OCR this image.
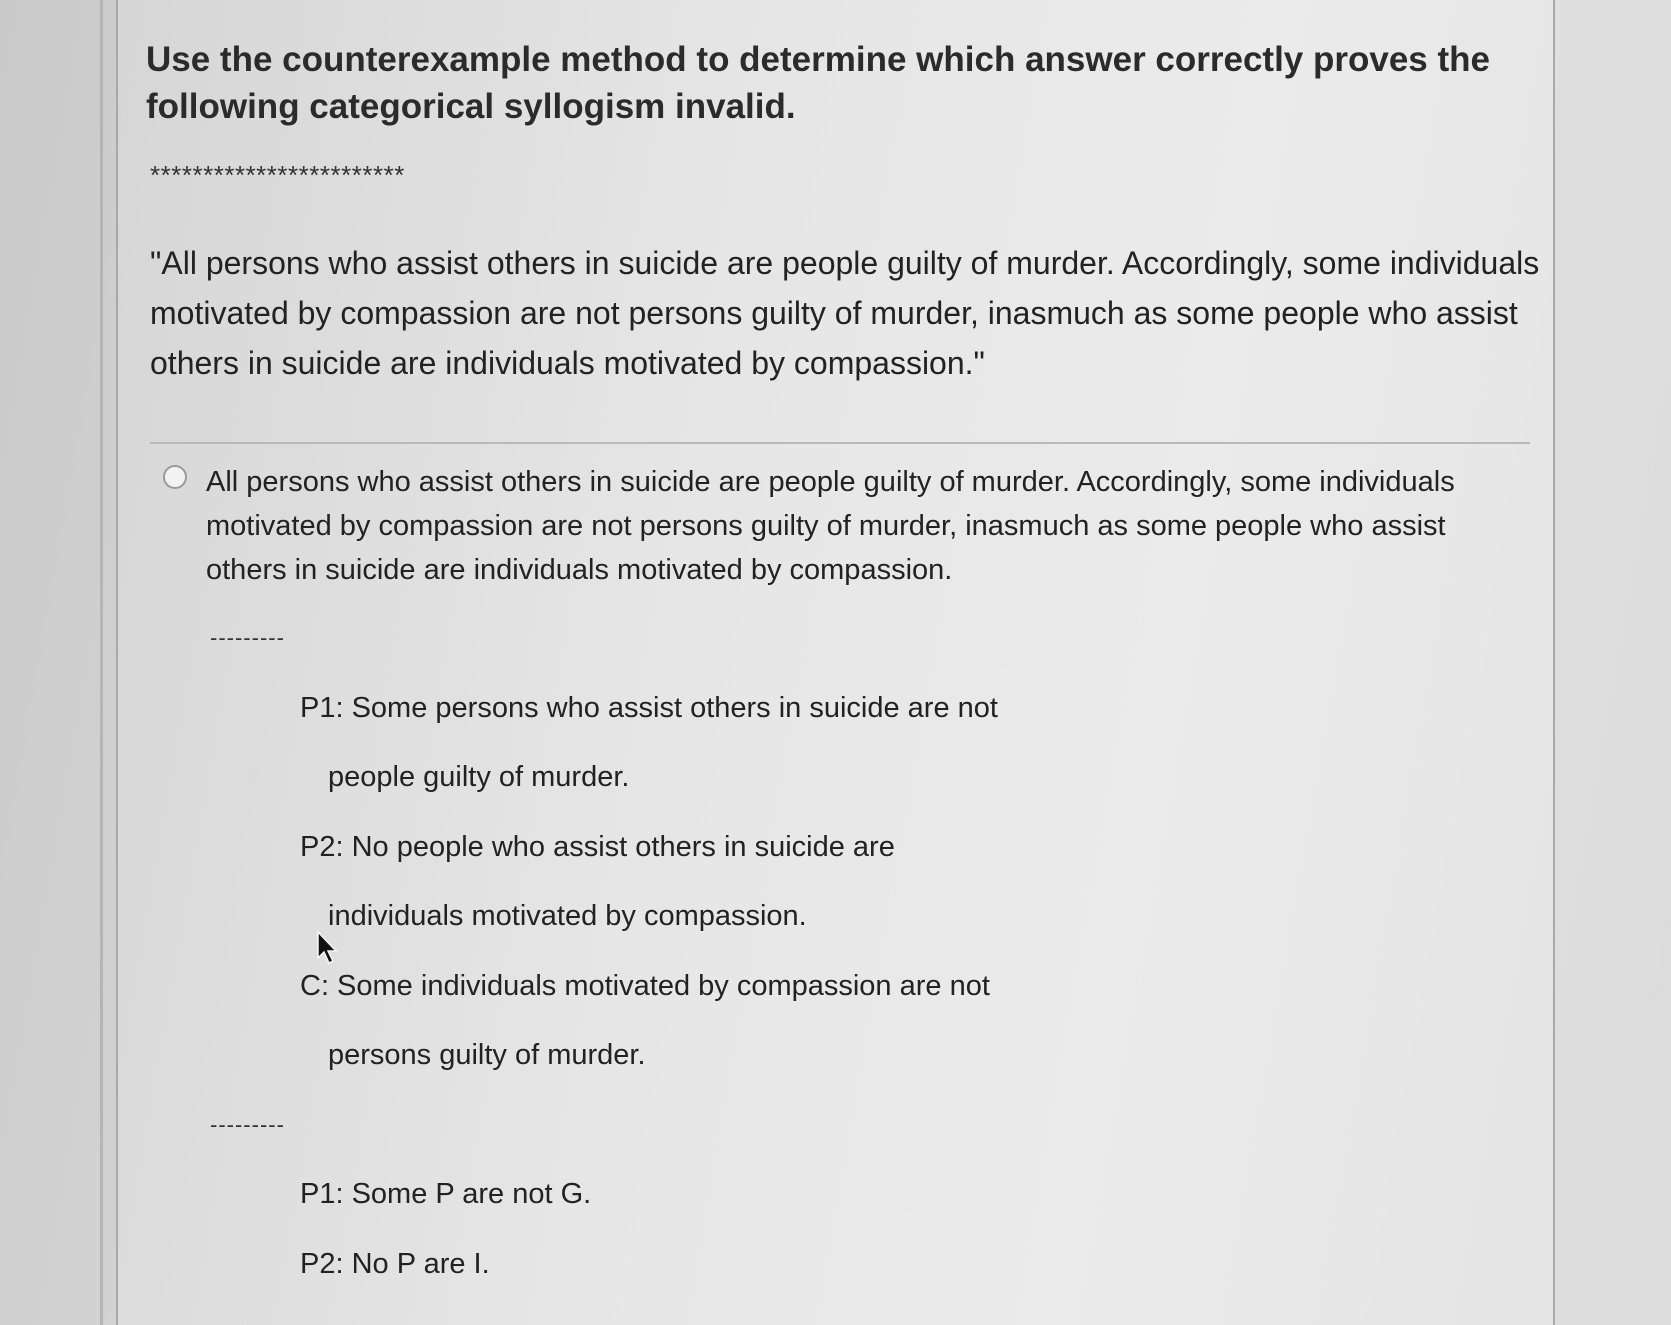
Use the counterexample method to determine which answer correctly proves the following categorical syllogism invalid.
************************
"All persons who assist others in suicide are people guilty of murder. Accordingly, some individuals motivated by compassion are not persons guilty of murder, inasmuch as some people who assist others in suicide are individuals motivated by compassion."
All persons who assist others in suicide are people guilty of murder. Accordingly, some individuals motivated by compassion are not persons guilty of murder, inasmuch as some people who assist others in suicide are individuals motivated by compassion.
---------
P1: Some persons who assist others in suicide are not
people guilty of murder.
P2: No people who assist others in suicide are
individuals motivated by compassion.
C: Some individuals motivated by compassion are not
persons guilty of murder.
---------
P1: Some P are not G.
P2: No P are I.
